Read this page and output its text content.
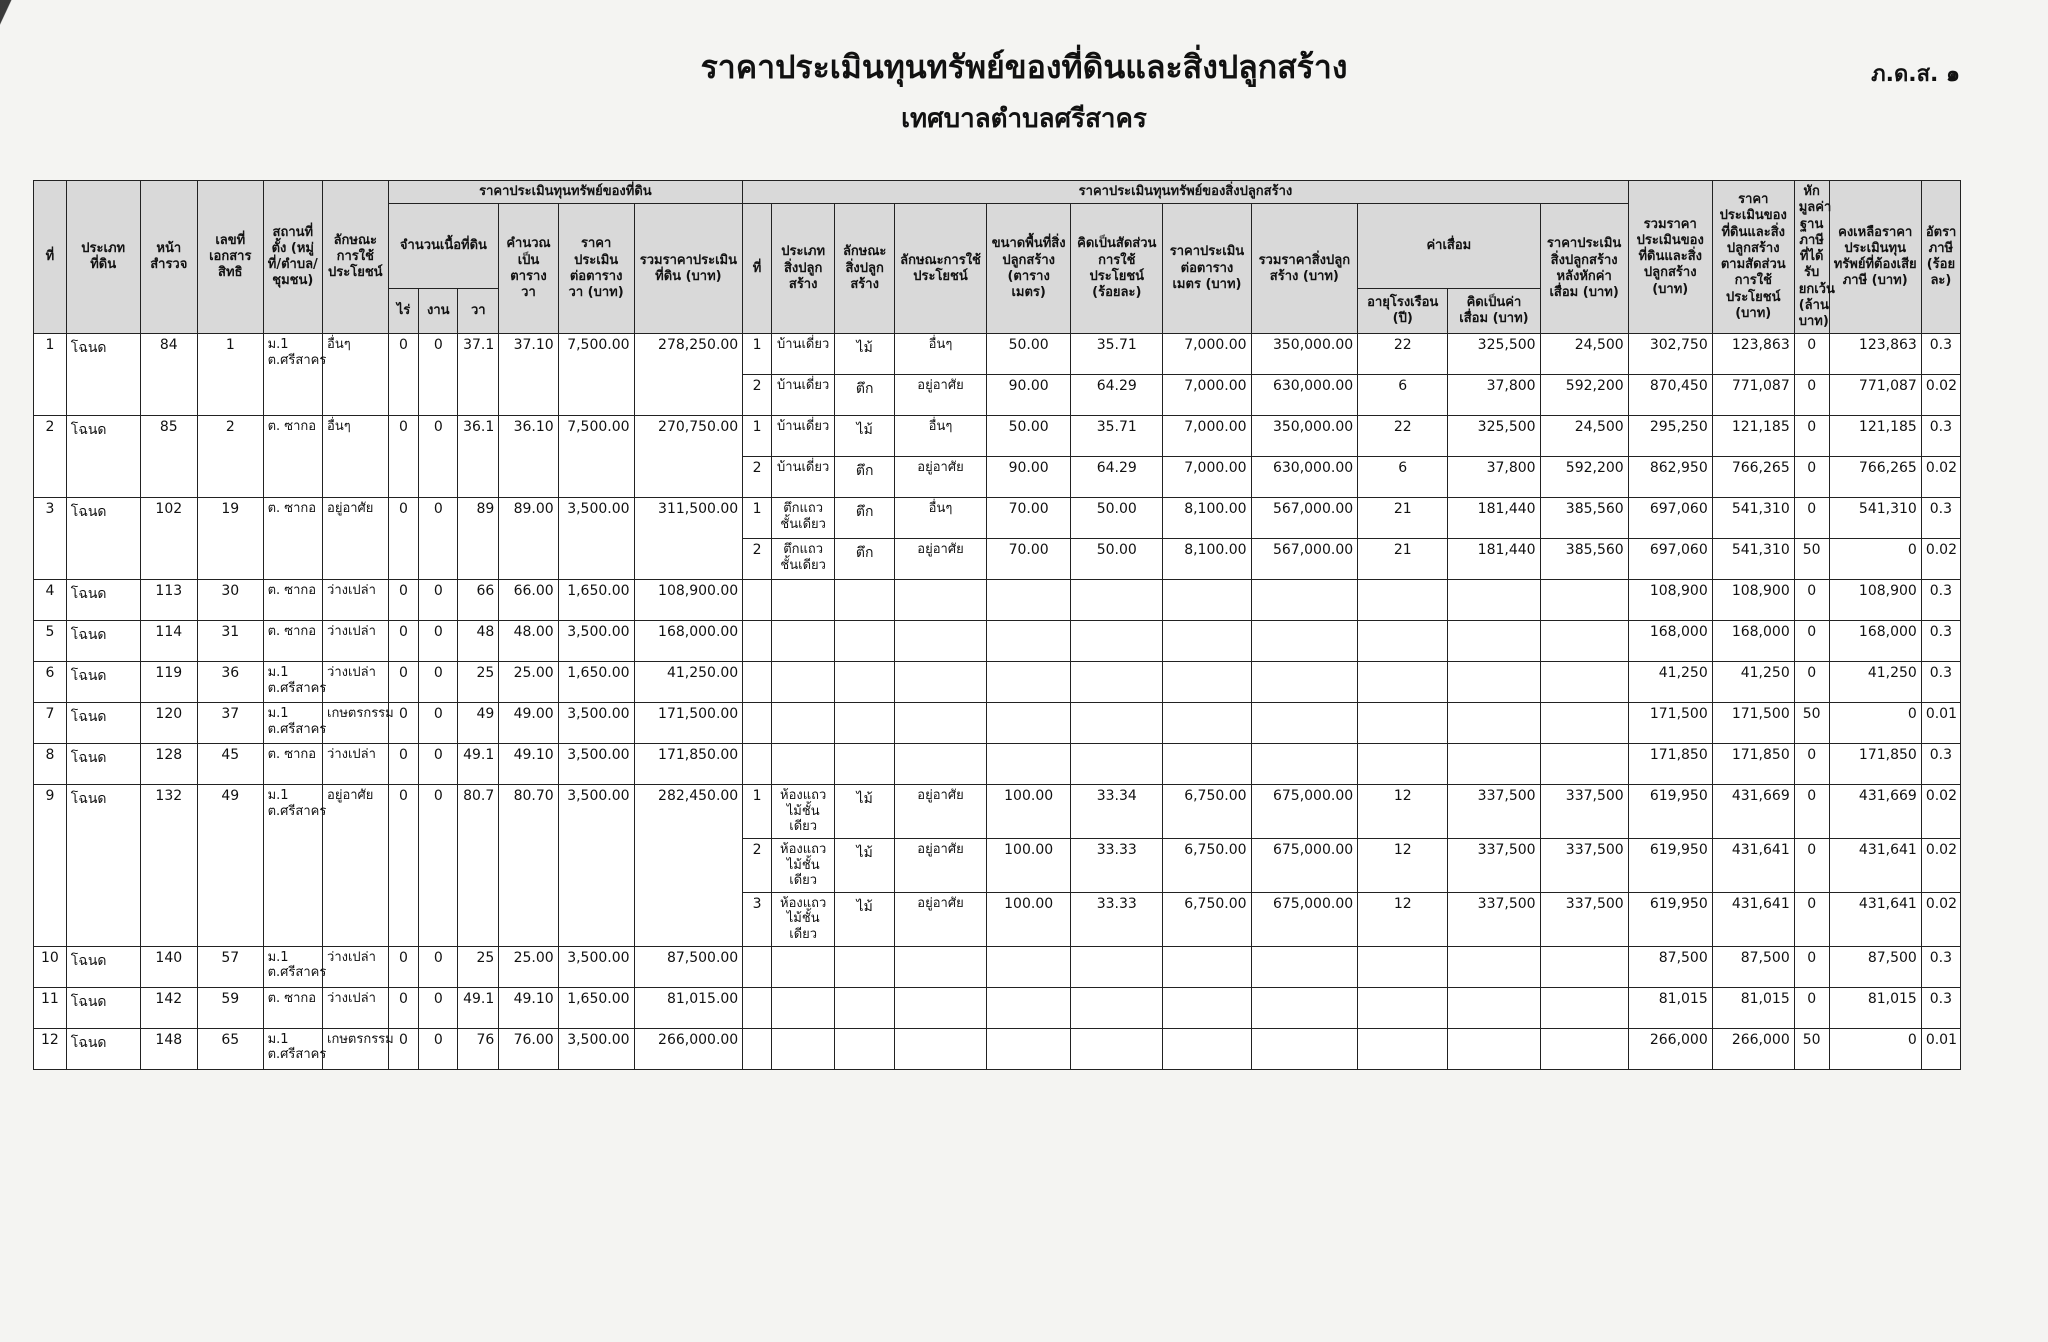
ราคาประเมินทุนทรัพย์ของที่ดินและสิ่งปลูกสร้าง
เทศบาลตำบลศรีสาคร
ภ.ด.ส. ๑
ที่	ประเภทที่ดิน	หน้าสำรวจ	เลขที่เอกสารสิทธิ	สถานที่ตั้ง (หมู่ที่/ตำบล/ชุมชน)	ลักษณะการใช้ประโยชน์	ราคาประเมินทุนทรัพย์ของที่ดิน						ราคาประเมินทุนทรัพย์ของสิ่งปลูกสร้าง											รวมราคาประเมินของที่ดินและสิ่งปลูกสร้าง (บาท)	ราคาประเมินของที่ดินและสิ่งปลูกสร้างตามสัดส่วนการใช้ประโยชน์ (บาท)	หักมูลค่าฐานภาษีที่ได้รับยกเว้น (ล้านบาท)	คงเหลือราคาประเมินทุนทรัพย์ที่ต้องเสียภาษี (บาท)	อัตราภาษี (ร้อยละ)
						จำนวนเนื้อที่ดิน			คำนวณเป็นตารางวา	ราคาประเมินต่อตารางวา (บาท)	รวมราคาประเมินที่ดิน (บาท)	ที่	ประเภทสิ่งปลูกสร้าง	ลักษณะสิ่งปลูกสร้าง	ลักษณะการใช้ประโยชน์	ขนาดพื้นที่สิ่งปลูกสร้าง (ตารางเมตร)	คิดเป็นสัดส่วนการใช้ประโยชน์ (ร้อยละ)	ราคาประเมินต่อตารางเมตร (บาท)	รวมราคาสิ่งปลูกสร้าง (บาท)	ค่าเสื่อม		ราคาประเมินสิ่งปลูกสร้างหลังหักค่าเสื่อม (บาท)					
						ไร่	งาน	วา												อายุโรงเรือน (ปี)	คิดเป็นค่าเสื่อม (บาท)						
1	โฉนด	84	1	ม.1 ต.ศรีสาคร	อื่นๆ	0	0	37.1	37.10	7,500.00	278,250.00	1	บ้านเดี่ยว	ไม้	อื่นๆ	50.00	35.71	7,000.00	350,000.00	22	325,500	24,500	302,750	123,863	0	123,863	0.3
												2	บ้านเดี่ยว	ตึก	อยู่อาศัย	90.00	64.29	7,000.00	630,000.00	6	37,800	592,200	870,450	771,087	0	771,087	0.02
2	โฉนด	85	2	ต. ซากอ	อื่นๆ	0	0	36.1	36.10	7,500.00	270,750.00	1	บ้านเดี่ยว	ไม้	อื่นๆ	50.00	35.71	7,000.00	350,000.00	22	325,500	24,500	295,250	121,185	0	121,185	0.3
												2	บ้านเดี่ยว	ตึก	อยู่อาศัย	90.00	64.29	7,000.00	630,000.00	6	37,800	592,200	862,950	766,265	0	766,265	0.02
3	โฉนด	102	19	ต. ซากอ	อยู่อาศัย	0	0	89	89.00	3,500.00	311,500.00	1	ตึกแถวชั้นเดียว	ตึก	อื่นๆ	70.00	50.00	8,100.00	567,000.00	21	181,440	385,560	697,060	541,310	0	541,310	0.3
												2	ตึกแถวชั้นเดียว	ตึก	อยู่อาศัย	70.00	50.00	8,100.00	567,000.00	21	181,440	385,560	697,060	541,310	50	0	0.02
4	โฉนด	113	30	ต. ซากอ	ว่างเปล่า	0	0	66	66.00	1,650.00	108,900.00												108,900	108,900	0	108,900	0.3
5	โฉนด	114	31	ต. ซากอ	ว่างเปล่า	0	0	48	48.00	3,500.00	168,000.00												168,000	168,000	0	168,000	0.3
6	โฉนด	119	36	ม.1 ต.ศรีสาคร	ว่างเปล่า	0	0	25	25.00	1,650.00	41,250.00												41,250	41,250	0	41,250	0.3
7	โฉนด	120	37	ม.1 ต.ศรีสาคร	เกษตรกรรม	0	0	49	49.00	3,500.00	171,500.00												171,500	171,500	50	0	0.01
8	โฉนด	128	45	ต. ซากอ	ว่างเปล่า	0	0	49.1	49.10	3,500.00	171,850.00												171,850	171,850	0	171,850	0.3
9	โฉนด	132	49	ม.1 ต.ศรีสาคร	อยู่อาศัย	0	0	80.7	80.70	3,500.00	282,450.00	1	ห้องแถวไม้ชั้นเดียว	ไม้	อยู่อาศัย	100.00	33.34	6,750.00	675,000.00	12	337,500	337,500	619,950	431,669	0	431,669	0.02
												2	ห้องแถวไม้ชั้นเดียว	ไม้	อยู่อาศัย	100.00	33.33	6,750.00	675,000.00	12	337,500	337,500	619,950	431,641	0	431,641	0.02
												3	ห้องแถวไม้ชั้นเดียว	ไม้	อยู่อาศัย	100.00	33.33	6,750.00	675,000.00	12	337,500	337,500	619,950	431,641	0	431,641	0.02
10	โฉนด	140	57	ม.1 ต.ศรีสาคร	ว่างเปล่า	0	0	25	25.00	3,500.00	87,500.00												87,500	87,500	0	87,500	0.3
11	โฉนด	142	59	ต. ซากอ	ว่างเปล่า	0	0	49.1	49.10	1,650.00	81,015.00												81,015	81,015	0	81,015	0.3
12	โฉนด	148	65	ม.1 ต.ศรีสาคร	เกษตรกรรม	0	0	76	76.00	3,500.00	266,000.00												266,000	266,000	50	0	0.01
